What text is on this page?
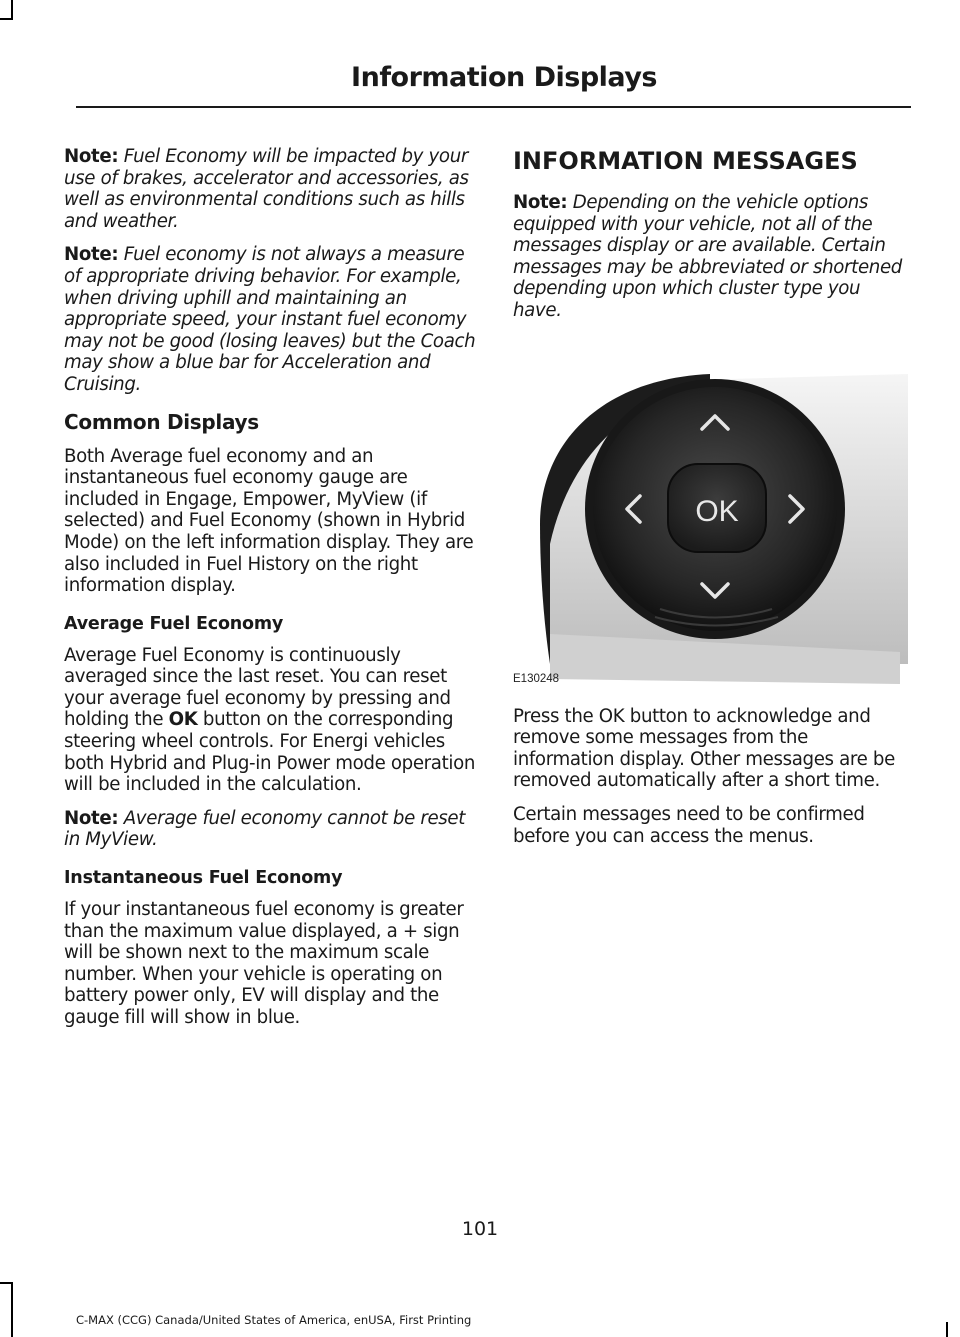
Information Displays

Note: Fuel Economy will be impacted by your use of brakes, accelerator and accessories, as well as environmental conditions such as hills and weather.

Note: Fuel economy is not always a measure of appropriate driving behavior. For example, when driving uphill and maintaining an appropriate speed, your instant fuel economy may not be good (losing leaves) but the Coach may show a blue bar for Acceleration and Cruising.

Common Displays

Both Average fuel economy and an instantaneous fuel economy gauge are included in Engage, Empower, MyView (if selected) and Fuel Economy (shown in Hybrid Mode) on the left information display. They are also included in Fuel History on the right information display.

Average Fuel Economy

Average Fuel Economy is continuously averaged since the last reset. You can reset your average fuel economy by pressing and holding the OK button on the corresponding steering wheel controls. For Energi vehicles both Hybrid and Plug-in Power mode operation will be included in the calculation.

Note: Average fuel economy cannot be reset in MyView.

Instantaneous Fuel Economy

If your instantaneous fuel economy is greater than the maximum value displayed, a + sign will be shown next to the maximum scale number. When your vehicle is operating on battery power only, EV will display and the gauge fill will show in blue.

INFORMATION MESSAGES

Note: Depending on the vehicle options equipped with your vehicle, not all of the messages display or are available. Certain messages may be abbreviated or shortened depending upon which cluster type you have.

OK
E130248

Press the OK button to acknowledge and remove some messages from the information display. Other messages are be removed automatically after a short time.

Certain messages need to be confirmed before you can access the menus.

101
C-MAX (CCG) Canada/United States of America, enUSA, First Printing
